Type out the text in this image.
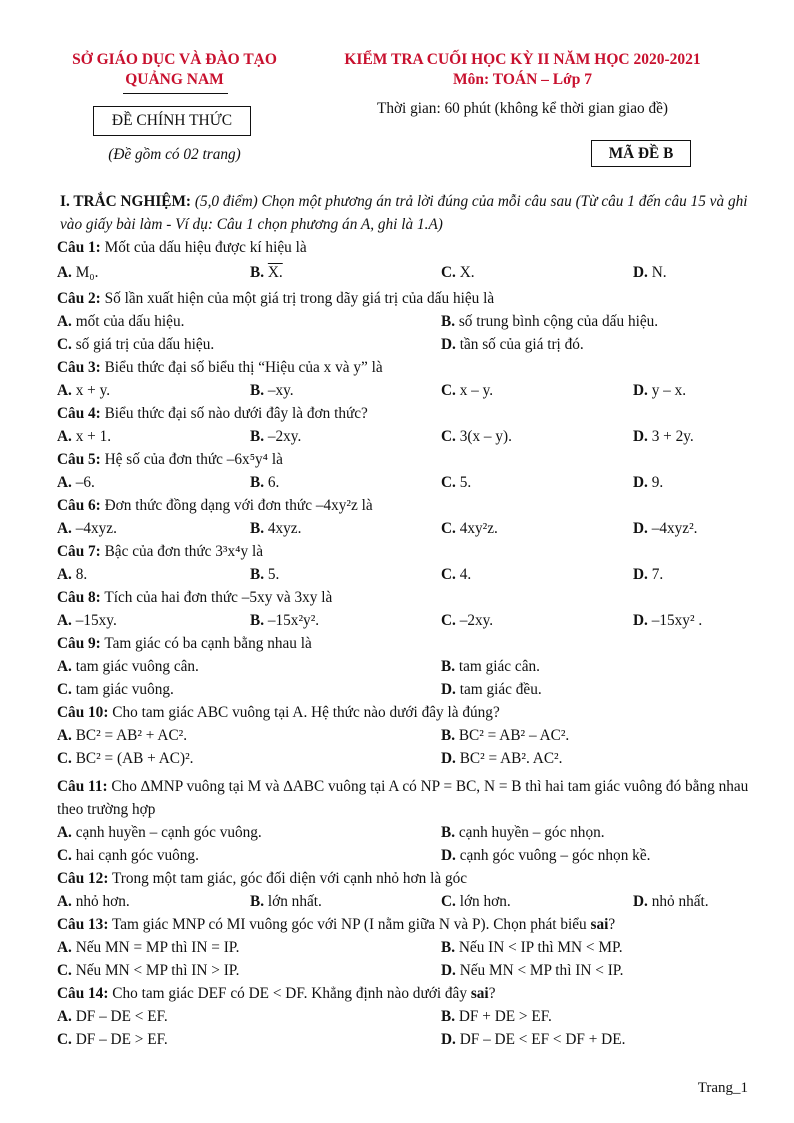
SỞ GIÁO DỤC VÀ ĐÀO TẠO
QUẢNG NAM
ĐỀ CHÍNH THỨC
(Đề gồm có 02 trang)
KIỂM TRA CUỐI HỌC KỲ II NĂM HỌC 2020-2021
Môn: TOÁN – Lớp 7
Thời gian: 60 phút (không kể thời gian giao đề)
MÃ ĐỀ B
I. TRẮC NGHIỆM: (5,0 điểm) Chọn một phương án trả lời đúng của mỗi câu sau (Từ câu 1 đến câu 15 và ghi vào giấy bài làm - Ví dụ: Câu 1 chọn phương án A, ghi là 1.A)
Câu 1: Mốt của dấu hiệu được kí hiệu là
A. M₀.	B. X.	C. X.	D. N.
Câu 2: Số lần xuất hiện của một giá trị trong dãy giá trị của dấu hiệu là
A. mốt của dấu hiệu.	B. số trung bình cộng của dấu hiệu.
C. số giá trị của dấu hiệu.	D. tần số của giá trị đó.
Câu 3: Biểu thức đại số biểu thị “Hiệu của x và y” là
A. x + y.	B. –xy.	C. x – y.	D. y – x.
Câu 4: Biểu thức đại số nào dưới đây là đơn thức?
A. x + 1.	B. –2xy.	C. 3(x – y).	D. 3 + 2y.
Câu 5: Hệ số của đơn thức –6x⁵y⁴ là
A. –6.	B. 6.	C. 5.	D. 9.
Câu 6: Đơn thức đồng dạng với đơn thức –4xy²z là
A. –4xyz.	B. 4xyz.	C. 4xy²z.	D. –4xyz².
Câu 7: Bậc của đơn thức 3³x⁴y là
A. 8.	B. 5.	C. 4.	D. 7.
Câu 8: Tích của hai đơn thức –5xy và 3xy là
A. –15xy.	B. –15x²y².	C. –2xy.	D. –15xy² .
Câu 9: Tam giác có ba cạnh bằng nhau là
A. tam giác vuông cân.	B. tam giác cân.
C. tam giác vuông.	D. tam giác đều.
Câu 10: Cho tam giác ABC vuông tại A. Hệ thức nào dưới đây là đúng?
A. BC² = AB² + AC².	B. BC² = AB² – AC².
C. BC² = (AB + AC)².	D. BC² = AB². AC².
Câu 11: Cho ∆MNP vuông tại M và ∆ABC vuông tại A có NP = BC, N = B thì hai tam giác vuông đó bằng nhau theo trường hợp
A. cạnh huyền – cạnh góc vuông.	B. cạnh huyền – góc nhọn.
C. hai cạnh góc vuông.	D. cạnh góc vuông – góc nhọn kề.
Câu 12: Trong một tam giác, góc đối diện với cạnh nhỏ hơn là góc
A. nhỏ hơn.	B. lớn nhất.	C. lớn hơn.	D. nhỏ nhất.
Câu 13: Tam giác MNP có MI vuông góc với NP (I nằm giữa N và P). Chọn phát biểu sai?
A. Nếu MN = MP thì IN = IP.	B. Nếu IN < IP thì MN < MP.
C. Nếu MN < MP thì IN > IP.	D. Nếu MN < MP thì IN < IP.
Câu 14: Cho tam giác DEF có DE < DF. Khẳng định nào dưới đây sai?
A. DF – DE < EF.	B. DF + DE > EF.
C. DF – DE > EF.	D. DF – DE < EF < DF + DE.
Trang_1
